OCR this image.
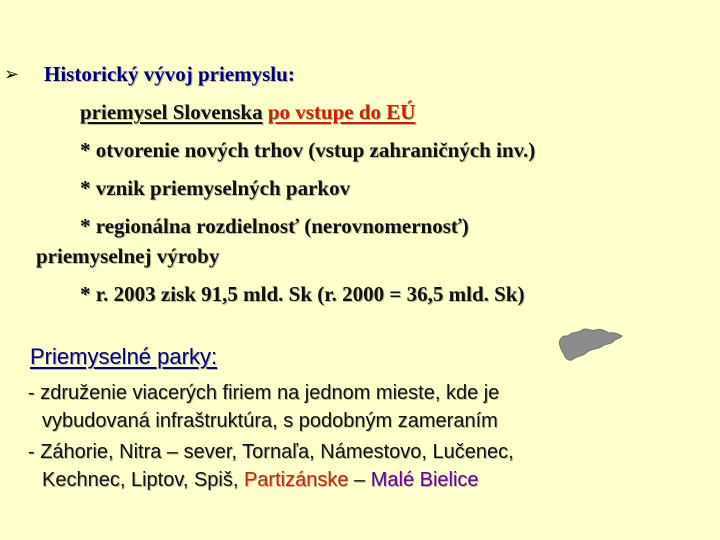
➢ Historický vývoj priemyslu:
priemysel Slovenska po vstupe do EÚ
* otvorenie nových trhov (vstup zahraničných inv.)
* vznik priemyselných parkov
* regionálna rozdielnosť (nerovnomernosť)
priemyselnej výroby
* r. 2003 zisk 91,5 mld. Sk (r. 2000 = 36,5 mld. Sk)
Priemyselné parky:
- združenie viacerých firiem na jednom mieste, kde je
vybudovaná infraštruktúra, s podobným zameraním
- Záhorie, Nitra – sever, Tornaľa, Námestovo, Lučenec,
Kechnec, Liptov, Spiš, Partizánske – Malé Bielice
